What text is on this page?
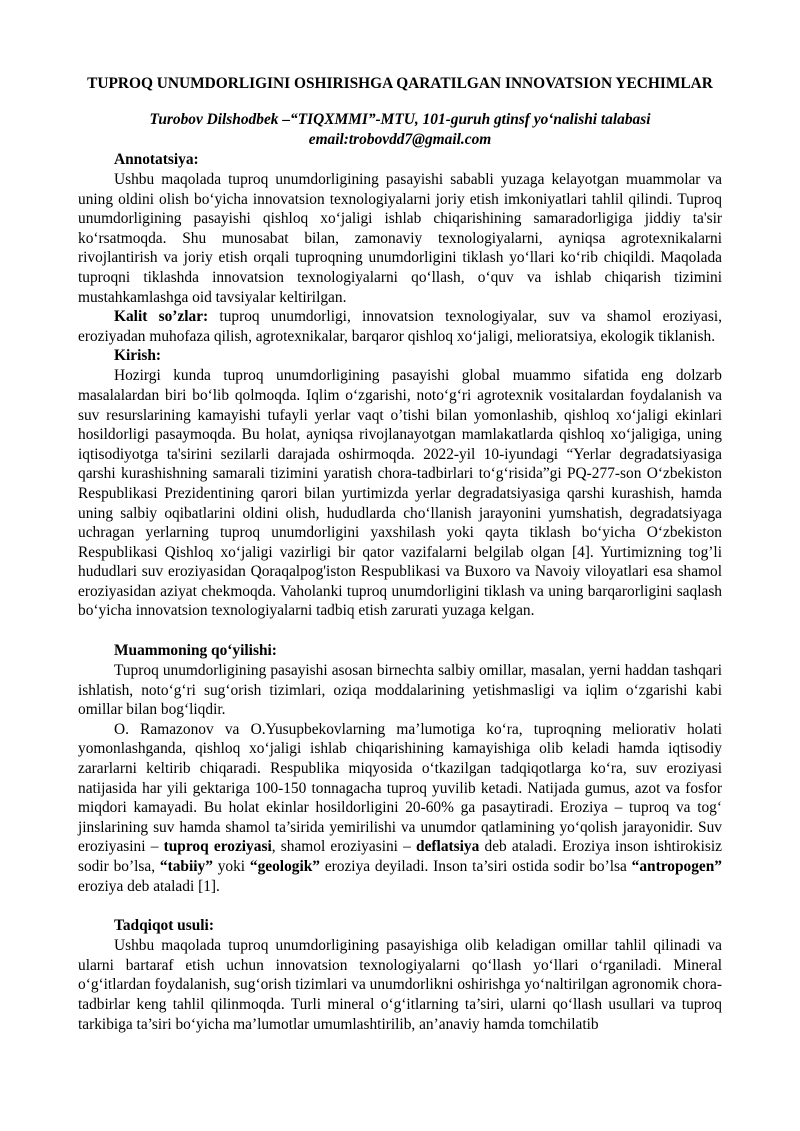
TUPROQ UNUMDORLIGINI OSHIRISHGA QARATILGAN INNOVATSION YECHIMLAR
Turobov Dilshodbek –“TIQXMMI”-MTU, 101-guruh gtinsf yo‘nalishi talabasi
email:trobovdd7@gmail.com
Annotatsiya:

Ushbu maqolada tuproq unumdorligining pasayishi sababli yuzaga kelayotgan muammolar va uning oldini olish bo‘yicha innovatsion texnologiyalarni joriy etish imkoniyatlari tahlil qilindi. Tuproq unumdorligining pasayishi qishloq xo‘jaligi ishlab chiqarishining samaradorligiga jiddiy ta'sir ko‘rsatmoqda. Shu munosabat bilan, zamonaviy texnologiyalarni, ayniqsa agrotexnikalarni rivojlantirish va joriy etish orqali tuproqning unumdorligini tiklash yo‘llari ko‘rib chiqildi. Maqolada tuproqni tiklashda innovatsion texnologiyalarni qo‘llash, o‘quv va ishlab chiqarish tizimini mustahkamlashga oid tavsiyalar keltirilgan.

Kalit so’zlar: tuproq unumdorligi, innovatsion texnologiyalar, suv va shamol eroziyasi, eroziyadan muhofaza qilish, agrotexnikalar, barqaror qishloq xo‘jaligi, melioratsiya, ekologik tiklanish.

Kirish:

Hozirgi kunda tuproq unumdorligining pasayishi global muammo sifatida eng dolzarb masalalardan biri bo‘lib qolmoqda. Iqlim o‘zgarishi, noto‘g‘ri agrotexnik vositalardan foydalanish va suv resurslarining kamayishi tufayli yerlar vaqt o’tishi bilan yomonlashib, qishloq xo‘jaligi ekinlari hosildorligi pasaymoqda. Bu holat, ayniqsa rivojlanayotgan mamlakatlarda qishloq xo‘jaligiga, uning iqtisodiyotga ta'sirini sezilarli darajada oshirmoqda. 2022-yil 10-iyundagi “Yerlar degradatsiyasiga qarshi kurashishning samarali tizimini yaratish chora-tadbirlari to‘g‘risida”gi PQ-277-son O‘zbekiston Respublikasi Prezidentining qarori bilan yurtimizda yerlar degradatsiyasiga qarshi kurashish, hamda uning salbiy oqibatlarini oldini olish, hududlarda cho‘llanish jarayonini yumshatish, degradatsiyaga uchragan yerlarning tuproq unumdorligini yaxshilash yoki qayta tiklash bo‘yicha O‘zbekiston Respublikasi Qishloq xo‘jaligi vazirligi bir qator vazifalarni belgilab olgan [4]. Yurtimizning tog’li hududlari suv eroziyasidan Qoraqalpog'iston Respublikasi va Buxoro va Navoiy viloyatlari esa shamol eroziyasidan aziyat chekmoqda. Vaholanki tuproq unumdorligini tiklash va uning barqarorligini saqlash bo‘yicha innovatsion texnologiyalarni tadbiq etish zarurati yuzaga kelgan.

Muammoning qo‘yilishi:

Tuproq unumdorligining pasayishi asosan birnechta salbiy omillar, masalan, yerni haddan tashqari ishlatish, noto‘g‘ri sug‘orish tizimlari, oziqa moddalarining yetishmasligi va iqlim o‘zgarishi kabi omillar bilan bog‘liqdir.

O. Ramazonov va O.Yusupbekovlarning ma’lumotiga ko‘ra, tuproqning meliorativ holati yomonlashganda, qishloq xo‘jaligi ishlab chiqarishining kamayishiga olib keladi hamda iqtisodiy zararlarni keltirib chiqaradi. Respublika miqyosida o‘tkazilgan tadqiqotlarga ko‘ra, suv eroziyasi natijasida har yili gektariga 100-150 tonnagacha tuproq yuvilib ketadi. Natijada gumus, azot va fosfor miqdori kamayadi. Bu holat ekinlar hosildorligini 20-60% ga pasaytiradi. Eroziya – tuproq va tog‘ jinslarining suv hamda shamol ta’sirida yemirilishi va unumdor qatlamining yo‘qolish jarayonidir. Suv eroziyasini – tuproq eroziyasi, shamol eroziyasini – deflatsiya deb ataladi. Eroziya inson ishtirokisiz sodir bo’lsa, “tabiiy” yoki “geologik” eroziya deyiladi. Inson ta’siri ostida sodir bo’lsa “antropogen” eroziya deb ataladi [1].

Tadqiqot usuli:

Ushbu maqolada tuproq unumdorligining pasayishiga olib keladigan omillar tahlil qilinadi va ularni bartaraf etish uchun innovatsion texnologiyalarni qo‘llash yo‘llari o‘rganiladi. Mineral o‘g‘itlardan foydalanish, sug‘orish tizimlari va unumdorlikni oshirishga yo‘naltirilgan agronomik chora-tadbirlar keng tahlil qilinmoqda. Turli mineral o‘g‘itlarning ta’siri, ularni qo‘llash usullari va tuproq tarkibiga ta’siri bo‘yicha ma’lumotlar umumlashtirilib, an’anaviy hamda tomchilatib
